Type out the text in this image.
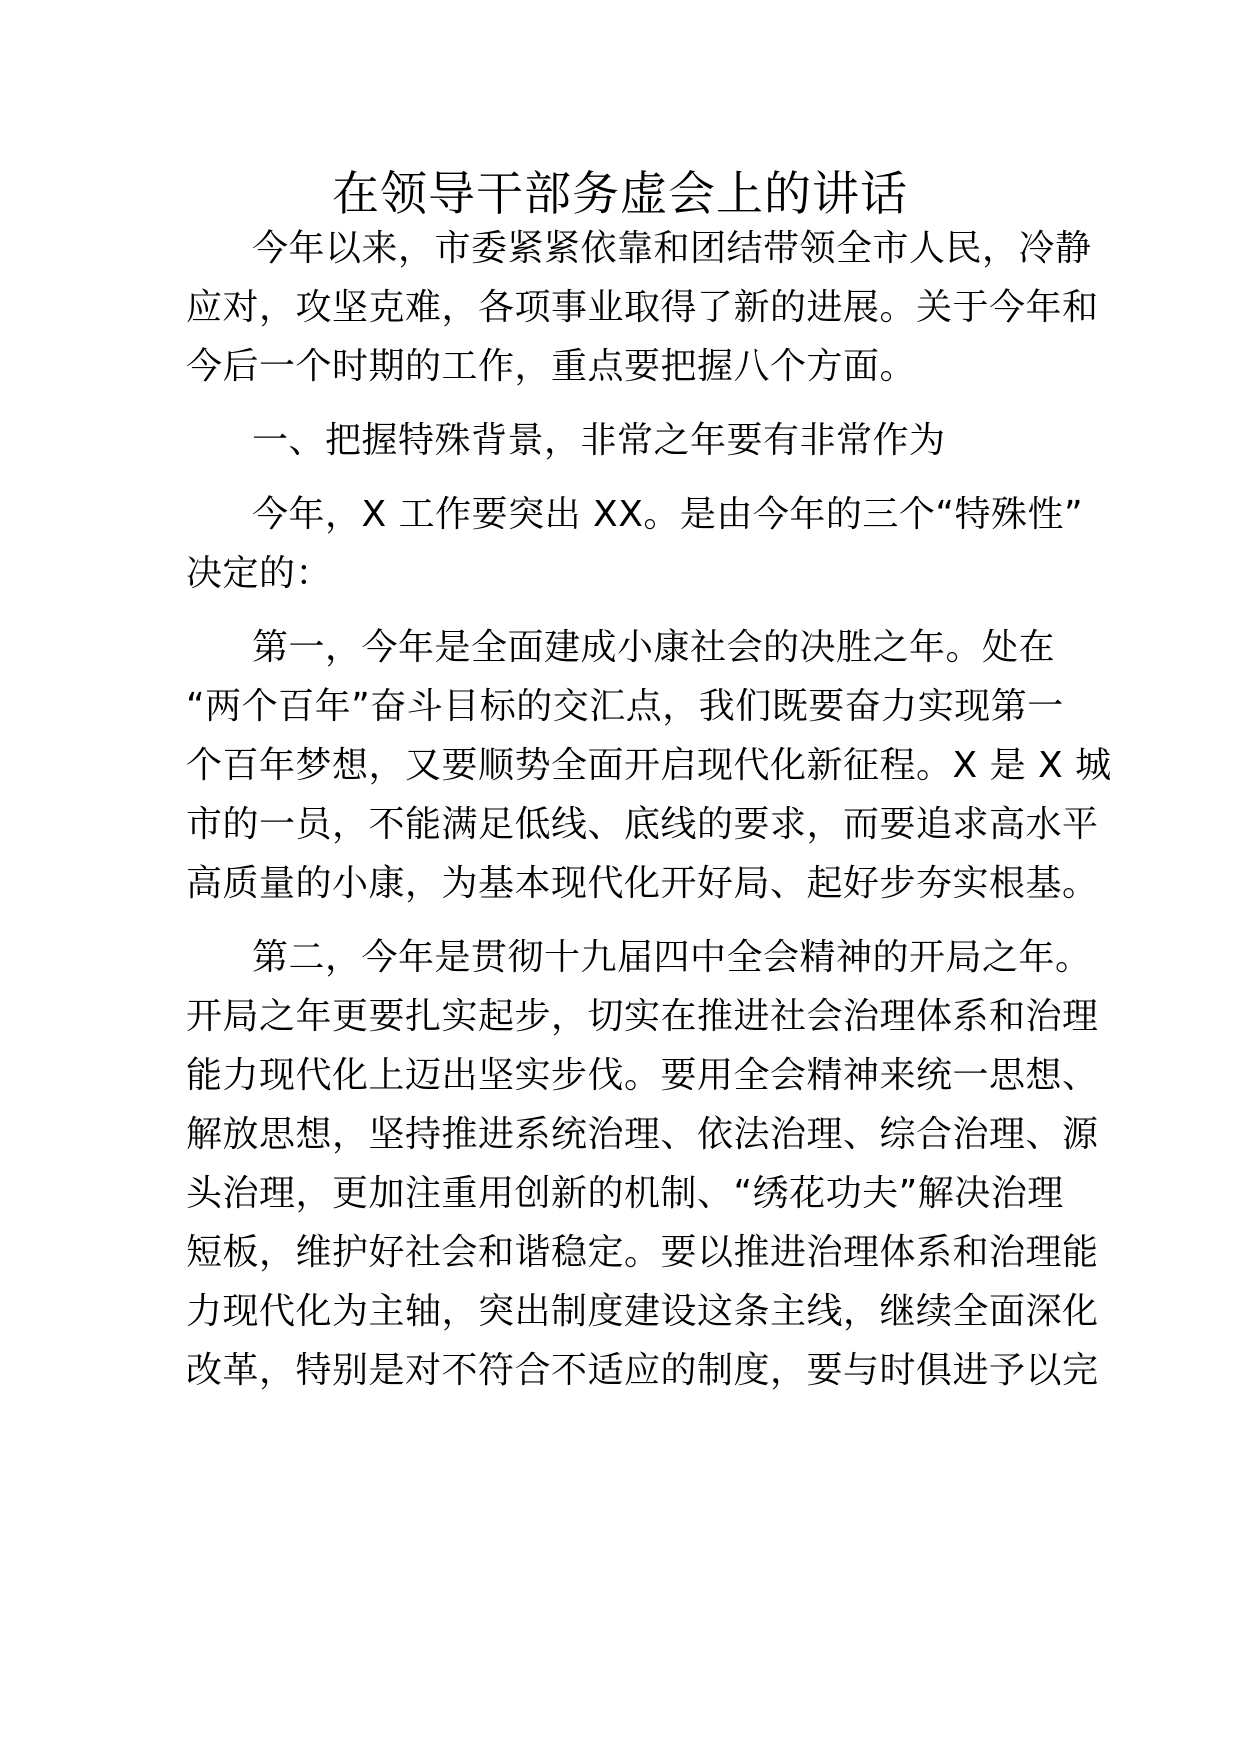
在领导干部务虚会上的讲话
今年以来，市委紧紧依靠和团结带领全市人民，冷静
应对，攻坚克难，各项事业取得了新的进展。关于今年和
今后一个时期的工作，重点要把握八个方面。
一、把握特殊背景，非常之年要有非常作为
今年，X 工作要突出 XX。是由今年的三个“特殊性”
决定的：
第一，今年是全面建成小康社会的决胜之年。处在
“两个百年”奋斗目标的交汇点，我们既要奋力实现第一
个百年梦想，又要顺势全面开启现代化新征程。X 是 X 城
市的一员，不能满足低线、底线的要求，而要追求高水平
高质量的小康，为基本现代化开好局、起好步夯实根基。
第二，今年是贯彻十九届四中全会精神的开局之年。
开局之年更要扎实起步，切实在推进社会治理体系和治理
能力现代化上迈出坚实步伐。要用全会精神来统一思想、
解放思想，坚持推进系统治理、依法治理、综合治理、源
头治理，更加注重用创新的机制、“绣花功夫”解决治理
短板，维护好社会和谐稳定。要以推进治理体系和治理能
力现代化为主轴，突出制度建设这条主线，继续全面深化
改革，特别是对不符合不适应的制度，要与时俱进予以完
